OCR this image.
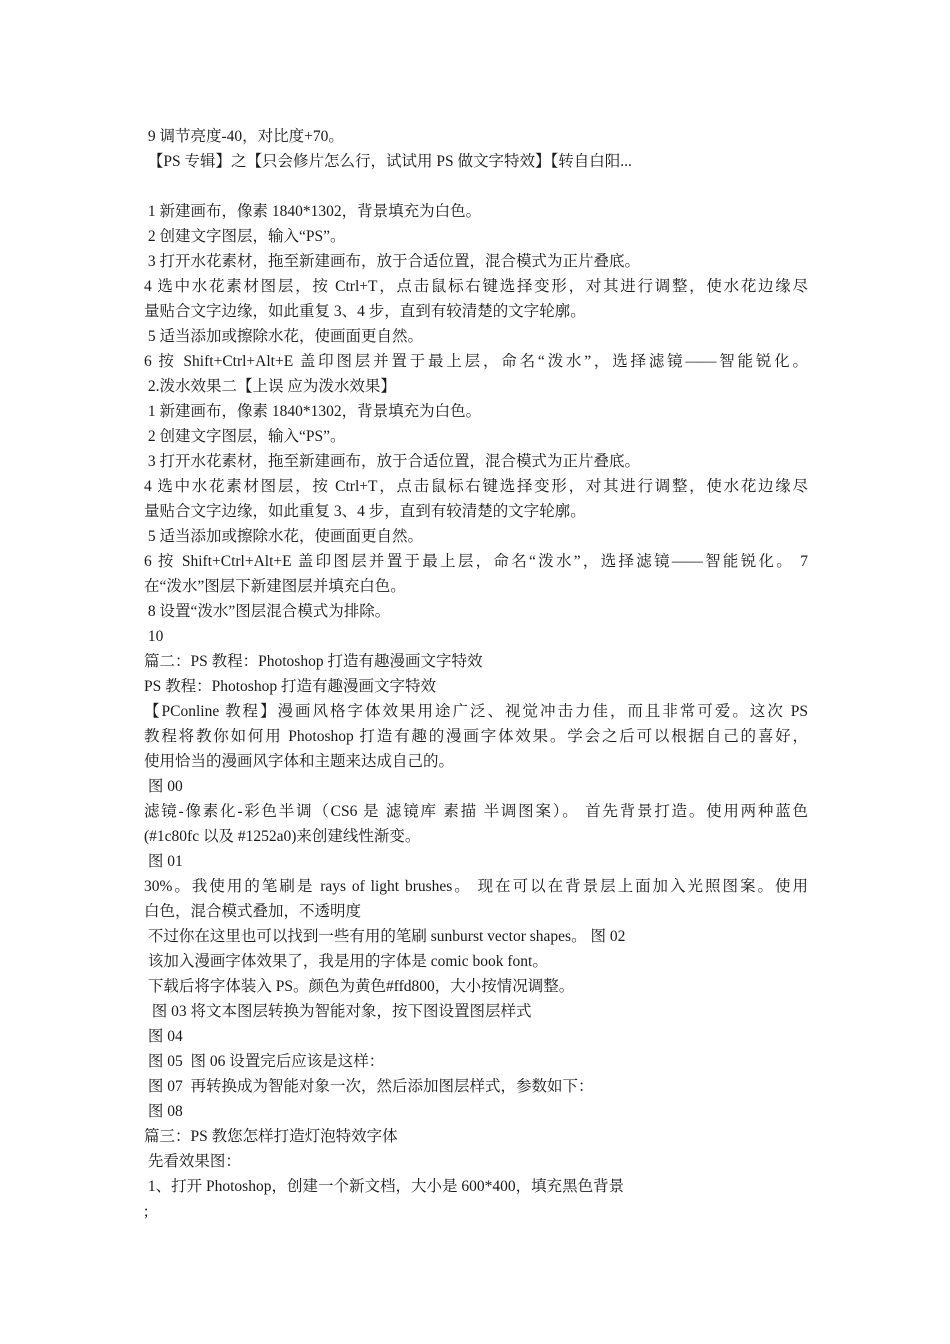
9 调节亮度-40，对比度+70。
【PS 专辑】之【只会修片怎么行，试试用 PS 做文字特效】【转自白阳...
1 新建画布，像素 1840*1302，背景填充为白色。
2 创建文字图层，输入“PS”。
3 打开水花素材，拖至新建画布，放于合适位置，混合模式为正片叠底。
4 选中水花素材图层，按 Ctrl+T，点击鼠标右键选择变形，对其进行调整，使水花边缘尽
量贴合文字边缘，如此重复 3、4 步，直到有较清楚的文字轮廓。
5 适当添加或擦除水花，使画面更自然。
6 按 Shift+Ctrl+Alt+E 盖印图层并置于最上层，命名“泼水”，选择滤镜——智能锐化。
2.泼水效果二【上误 应为泼水效果】
1 新建画布，像素 1840*1302，背景填充为白色。
2 创建文字图层，输入“PS”。
3 打开水花素材，拖至新建画布，放于合适位置，混合模式为正片叠底。
4 选中水花素材图层，按 Ctrl+T，点击鼠标右键选择变形，对其进行调整，使水花边缘尽
量贴合文字边缘，如此重复 3、4 步，直到有较清楚的文字轮廓。
5 适当添加或擦除水花，使画面更自然。
6 按 Shift+Ctrl+Alt+E 盖印图层并置于最上层，命名“泼水”，选择滤镜——智能锐化。 7
在“泼水”图层下新建图层并填充白色。
8 设置“泼水”图层混合模式为排除。
10
篇二：PS 教程：Photoshop 打造有趣漫画文字特效
PS 教程：Photoshop 打造有趣漫画文字特效
【PConline 教程】漫画风格字体效果用途广泛、视觉冲击力佳，而且非常可爱。这次 PS
教程将教你如何用 Photoshop 打造有趣的漫画字体效果。学会之后可以根据自己的喜好，
使用恰当的漫画风字体和主题来达成自己的。
图 00
滤镜-像素化-彩色半调（CS6 是 滤镜库 素描 半调图案）。 首先背景打造。使用两种蓝色
(#1c80fc 以及 #1252a0)来创建线性渐变。
图 01
30%。我使用的笔刷是 rays of light brushes。 现在可以在背景层上面加入光照图案。使用
白色，混合模式叠加，不透明度
不过你在这里也可以找到一些有用的笔刷 sunburst vector shapes。 图 02
该加入漫画字体效果了，我是用的字体是 comic book font。
下载后将字体装入 PS。颜色为黄色#ffd800，大小按情况调整。
图 03 将文本图层转换为智能对象，按下图设置图层样式
图 04
图 05  图 06 设置完后应该是这样：
图 07  再转换成为智能对象一次，然后添加图层样式，参数如下：
图 08
篇三：PS 教您怎样打造灯泡特效字体
先看效果图：
1、打开 Photoshop，创建一个新文档，大小是 600*400，填充黑色背景
;
